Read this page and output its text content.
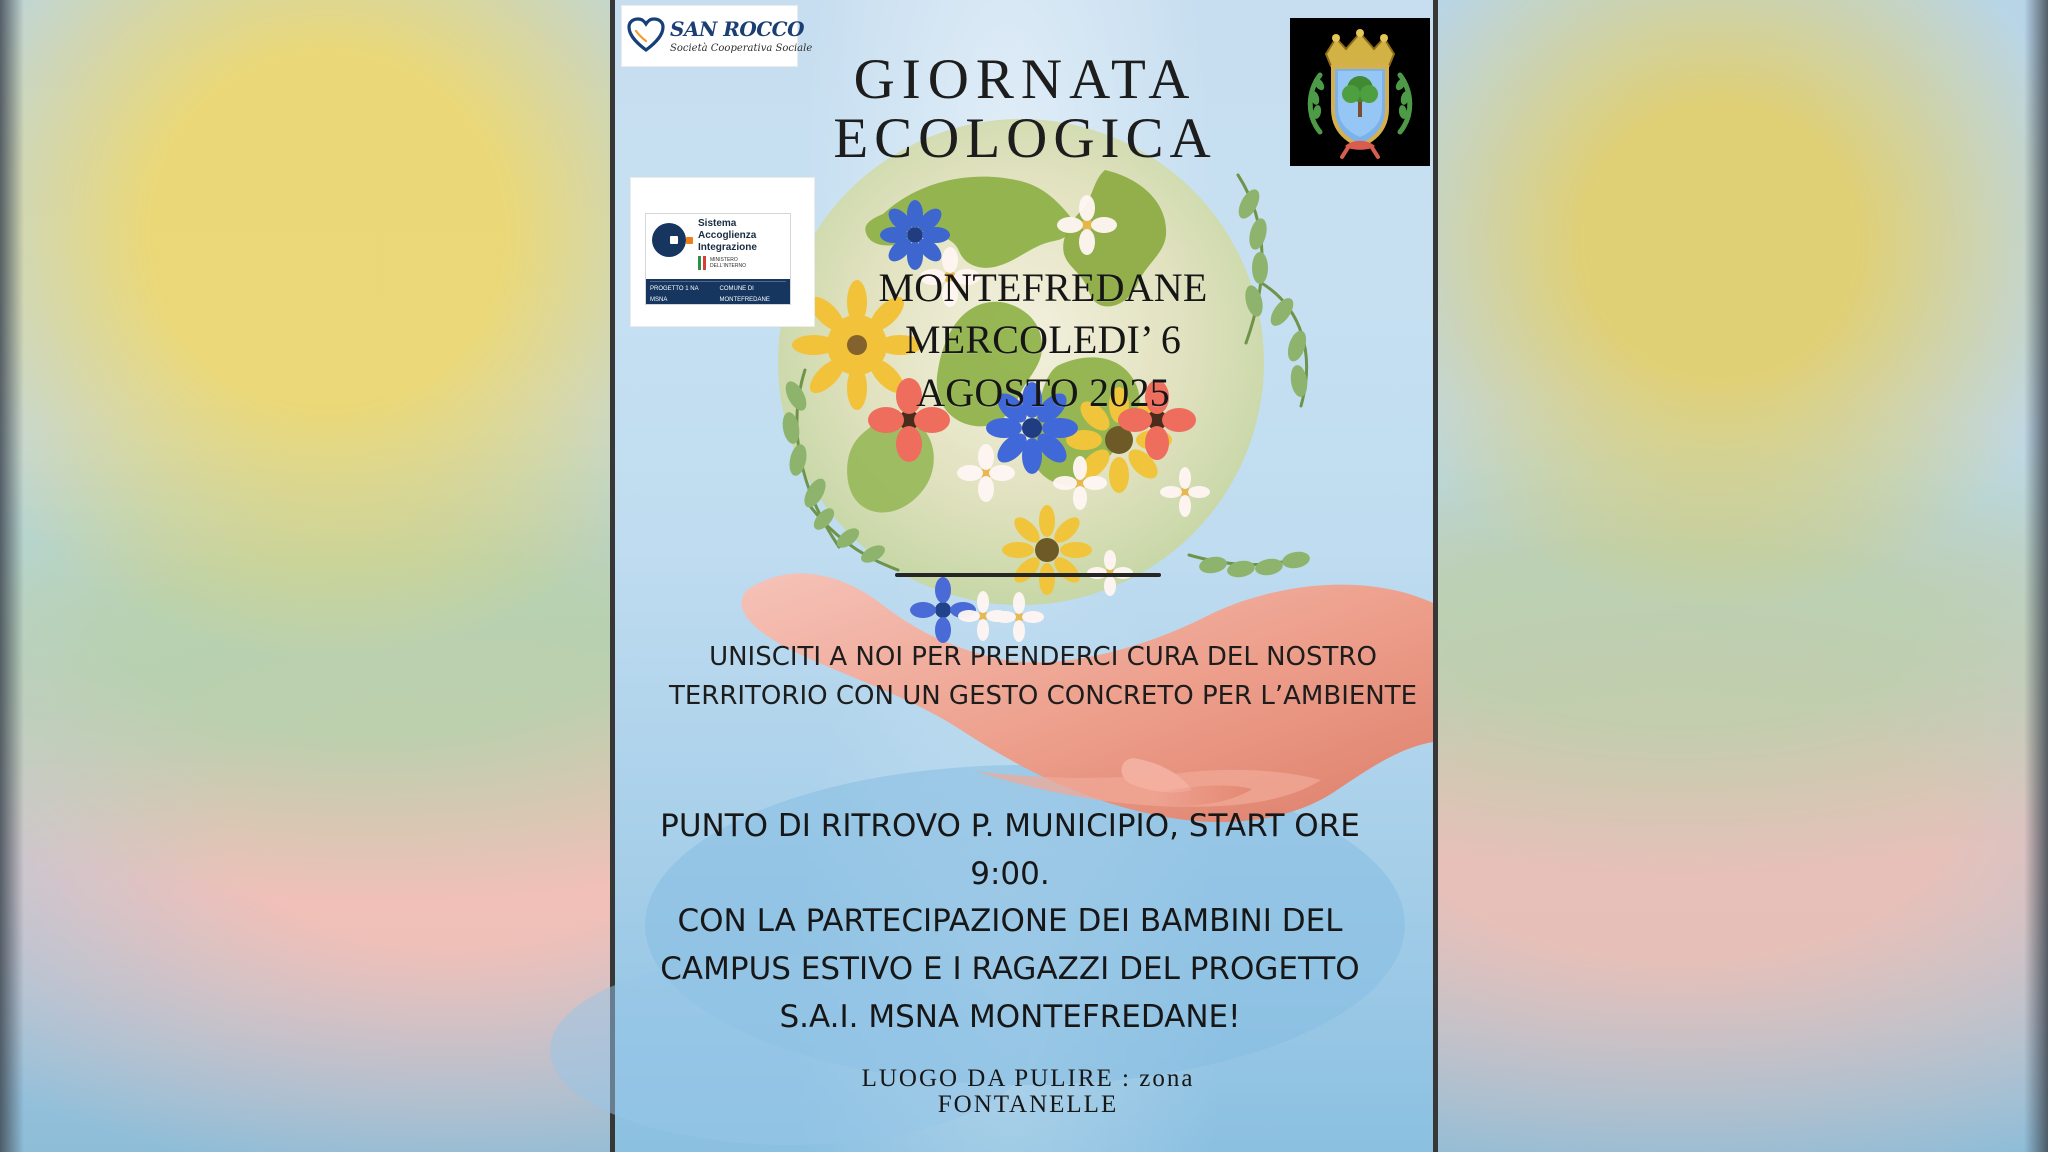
SAN ROCCO
Società Cooperativa Sociale
Sistema
Accoglienza
Integrazione
MINISTERO
DELL'INTERNO
PROGETTO 1 NA	COMUNE DI
MSNA	MONTEFREDANE
GIORNATA
ECOLOGICA
MONTEFREDANE
MERCOLEDI’ 6
AGOSTO 2025
UNISCITI A NOI PER PRENDERCI CURA DEL NOSTRO
TERRITORIO CON UN GESTO CONCRETO PER L’AMBIENTE
PUNTO DI RITROVO P. MUNICIPIO, START ORE
9:00.
CON LA PARTECIPAZIONE DEI BAMBINI DEL
CAMPUS ESTIVO E I RAGAZZI DEL PROGETTO
S.A.I. MSNA MONTEFREDANE!
LUOGO DA PULIRE : zona
FONTANELLE
